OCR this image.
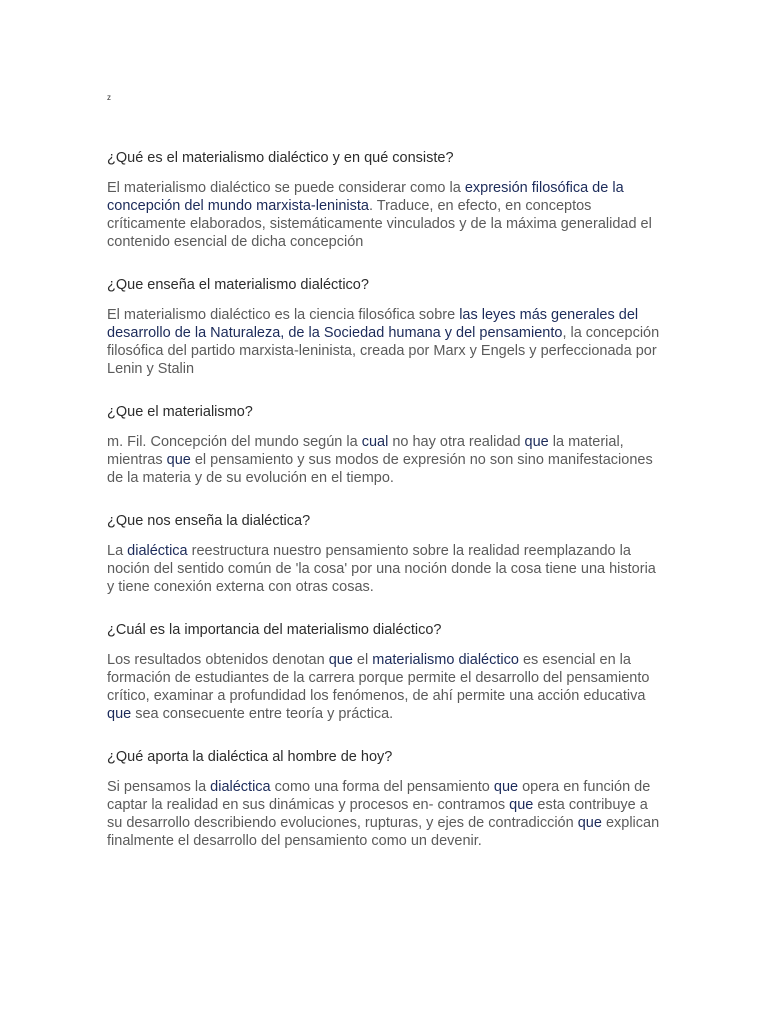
z

¿Qué es el materialismo dialéctico y en qué consiste?

El materialismo dialéctico se puede considerar como la expresión filosófica de la concepción del mundo marxista-leninista. Traduce, en efecto, en conceptos críticamente elaborados, sistemáticamente vinculados y de la máxima generalidad el contenido esencial de dicha concepción

¿Que enseña el materialismo dialéctico?

El materialismo dialéctico es la ciencia filosófica sobre las leyes más generales del desarrollo de la Naturaleza, de la Sociedad humana y del pensamiento, la concepción filosófica del partido marxista-leninista, creada por Marx y Engels y perfeccionada por Lenin y Stalin

¿Que el materialismo?

m. Fil. Concepción del mundo según la cual no hay otra realidad que la material, mientras que el pensamiento y sus modos de expresión no son sino manifestaciones de la materia y de su evolución en el tiempo.

¿Que nos enseña la dialéctica?

La dialéctica reestructura nuestro pensamiento sobre la realidad reemplazando la noción del sentido común de 'la cosa' por una noción donde la cosa tiene una historia y tiene conexión externa con otras cosas.

¿Cuál es la importancia del materialismo dialéctico?

Los resultados obtenidos denotan que el materialismo dialéctico es esencial en la formación de estudiantes de la carrera porque permite el desarrollo del pensamiento crítico, examinar a profundidad los fenómenos, de ahí permite una acción educativa que sea consecuente entre teoría y práctica.

¿Qué aporta la dialéctica al hombre de hoy?

Si pensamos la dialéctica como una forma del pensamiento que opera en función de captar la realidad en sus dinámicas y procesos en- contramos que esta contribuye a su desarrollo describiendo evoluciones, rupturas, y ejes de contradicción que explican finalmente el desarrollo del pensamiento como un devenir.
